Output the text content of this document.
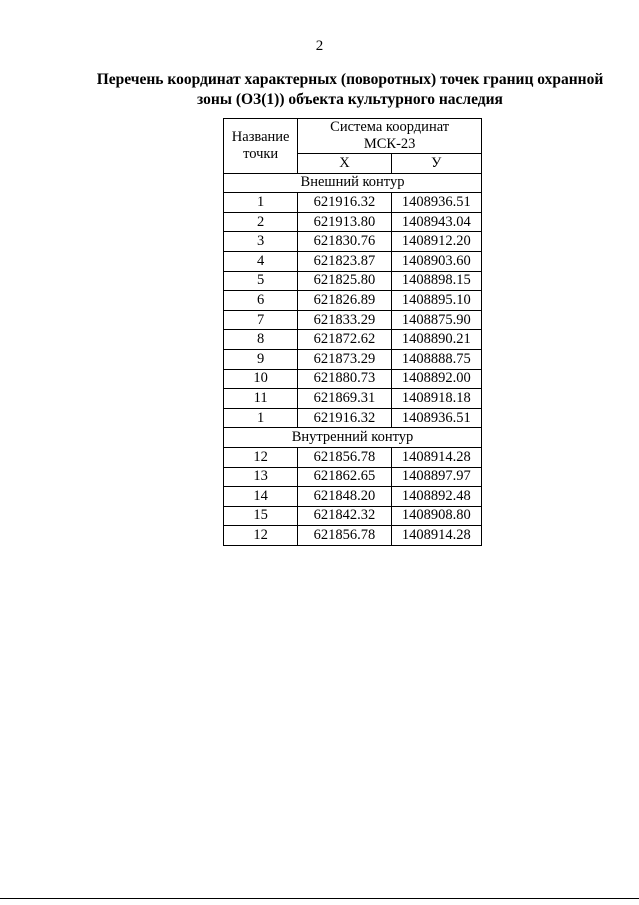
2
Перечень координат характерных (поворотных) точек границ охранной
зоны (ОЗ(1)) объекта культурного наследия
Название точки	Система координат
МСК-23	

	X	У
Внешний контур		
1	621916.32	1408936.51
2	621913.80	1408943.04
3	621830.76	1408912.20
4	621823.87	1408903.60
5	621825.80	1408898.15
6	621826.89	1408895.10
7	621833.29	1408875.90
8	621872.62	1408890.21
9	621873.29	1408888.75
10	621880.73	1408892.00
11	621869.31	1408918.18
1	621916.32	1408936.51
Внутренний контур		
12	621856.78	1408914.28
13	621862.65	1408897.97
14	621848.20	1408892.48
15	621842.32	1408908.80
12	621856.78	1408914.28
